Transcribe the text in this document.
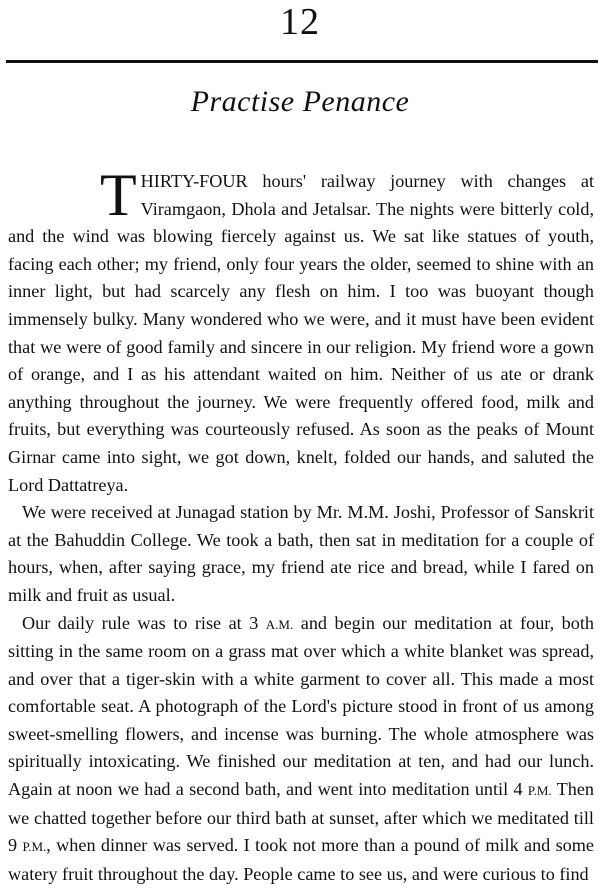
12
Practise Penance

THIRTY-FOUR hours' railway journey with changes at Viramgaon, Dhola and Jetalsar. The nights were bitterly cold, and the wind was blowing fiercely against us. We sat like statues of youth, facing each other; my friend, only four years the older, seemed to shine with an inner light, but had scarcely any flesh on him. I too was buoyant though immensely bulky. Many wondered who we were, and it must have been evident that we were of good family and sincere in our religion. My friend wore a gown of orange, and I as his attendant waited on him. Neither of us ate or drank anything throughout the journey. We were frequently offered food, milk and fruits, but everything was courteously refused. As soon as the peaks of Mount Girnar came into sight, we got down, knelt, folded our hands, and saluted the Lord Dattatreya.

We were received at Junagad station by Mr. M.M. Joshi, Professor of Sanskrit at the Bahuddin College. We took a bath, then sat in meditation for a couple of hours, when, after saying grace, my friend ate rice and bread, while I fared on milk and fruit as usual.

Our daily rule was to rise at 3 A.M. and begin our meditation at four, both sitting in the same room on a grass mat over which a white blanket was spread, and over that a tiger-skin with a white garment to cover all. This made a most comfortable seat. A photograph of the Lord's picture stood in front of us among sweet-smelling flowers, and incense was burning. The whole atmosphere was spiritually intoxicating. We finished our meditation at ten, and had our lunch. Again at noon we had a second bath, and went into meditation until 4 P.M. Then we chatted together before our third bath at sunset, after which we meditated till 9 P.M., when dinner was served. I took not more than a pound of milk and some watery fruit throughout the day. People came to see us, and were curious to find
